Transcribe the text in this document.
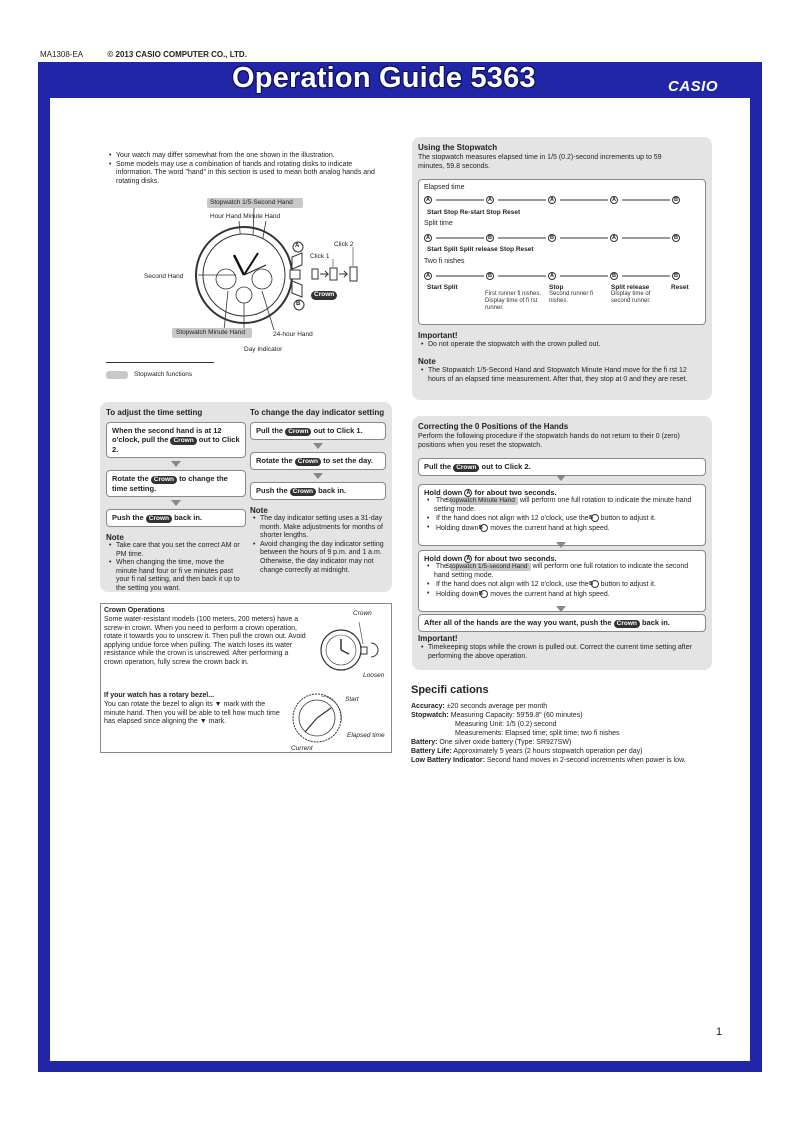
MA1308-EA	© 2013 CASIO COMPUTER CO., LTD.
Operation Guide 5363	CASIO
• Your watch may differ somewhat from the one shown in the illustration.
• Some models may use a combination of hands and rotating disks to indicate information. The word "hand" in this section is used to mean both analog hands and rotating disks.
Stopwatch 1/5-Second Hand
Hour Hand Minute Hand
Click 1
Click 2
Second Hand
A
B
Crown
Stopwatch Minute Hand	24-hour Hand
Day Indicator
Stopwatch functions
To adjust the time setting
When the second hand is at 12 o'clock, pull the Crown out to Click 2.
Rotate the Crown to change the time setting.
Push the Crown back in.
Note
• Take care that you set the correct AM or PM time.
• When changing the time, move the minute hand four or fi ve minutes past your fi nal setting, and then back it up to the setting you want.
To change the day indicator setting
Pull the Crown out to Click 1.
Rotate the Crown to set the day.
Push the Crown back in.
Note
• The day indicator setting uses a 31-day month. Make adjustments for months of shorter lengths.
• Avoid changing the day indicator setting between the hours of 9 p.m. and 1 a.m. Otherwise, the day indicator may not change correctly at midnight.
Crown Operations
Some water-resistant models (100 meters, 200 meters) have a screw-in crown. When you need to perform a crown operation, rotate it towards you to unscrew it. Then pull the crown out. Avoid applying undue force when pulling. The watch loses its water resistance while the crown is unscrewed. After performing a crown operation, fully screw the crown back in.
Crown
Loosen
If your watch has a rotary bezel...
You can rotate the bezel to align its ▼ mark with the minute hand. Then you will be able to tell how much time has elapsed since aligning the ▼ mark.
Start
Elapsed time
Current
Using the Stopwatch
The stopwatch measures elapsed time in 1/5 (0.2)-second increments up to 59 minutes, 59.8 seconds.
Elapsed time
A	A	A	A	B
Start Stop Re-start Stop Reset
Split time
A	B	B	A	B
Start Split Split release Stop Reset
Two fi nishes
A	B	A	B	B
Start Split
First runner fi nishes. Display time of fi rst runner.
Stop
Second runner fi nishes.
Split release
Display time of second runner.
Reset
Important!
• Do not operate the stopwatch with the crown pulled out.
Note
• The Stopwatch 1/5-Second Hand and Stopwatch Minute Hand move for the fi rst 12 hours of an elapsed time measurement. After that, they stop at 0 and they are reset.
Correcting the 0 Positions of the Hands
Perform the following procedure if the stopwatch hands do not return to their 0 (zero) positions when you reset the stopwatch.
Pull the Crown out to Click 2.
Hold down A for about two seconds.
• The Stopwatch Minute Hand will perform one full rotation to indicate the minute hand setting mode.
• If the hand does not align with 12 o'clock, use the B button to adjust it.
• Holding down B moves the current hand at high speed.
Hold down A for about two seconds.
• The Stopwatch 1/5-second Hand will perform one full rotation to indicate the second hand setting mode.
• If the hand does not align with 12 o'clock, use the B button to adjust it.
• Holding down B moves the current hand at high speed.
After all of the hands are the way you want, push the Crown back in.
Important!
• Timekeeping stops while the crown is pulled out. Correct the current time setting after performing the above operation.
Specifi cations
Accuracy: ±20 seconds average per month
Stopwatch: Measuring Capacity: 59'59.8" (60 minutes)
Measuring Unit: 1/5 (0.2) second
Measurements: Elapsed time; split time; two fi nishes
Battery: One silver oxide battery (Type: SR927SW)
Battery Life: Approximately 5 years (2 hours stopwatch operation per day)
Low Battery Indicator: Second hand moves in 2-second increments when power is low.
1
